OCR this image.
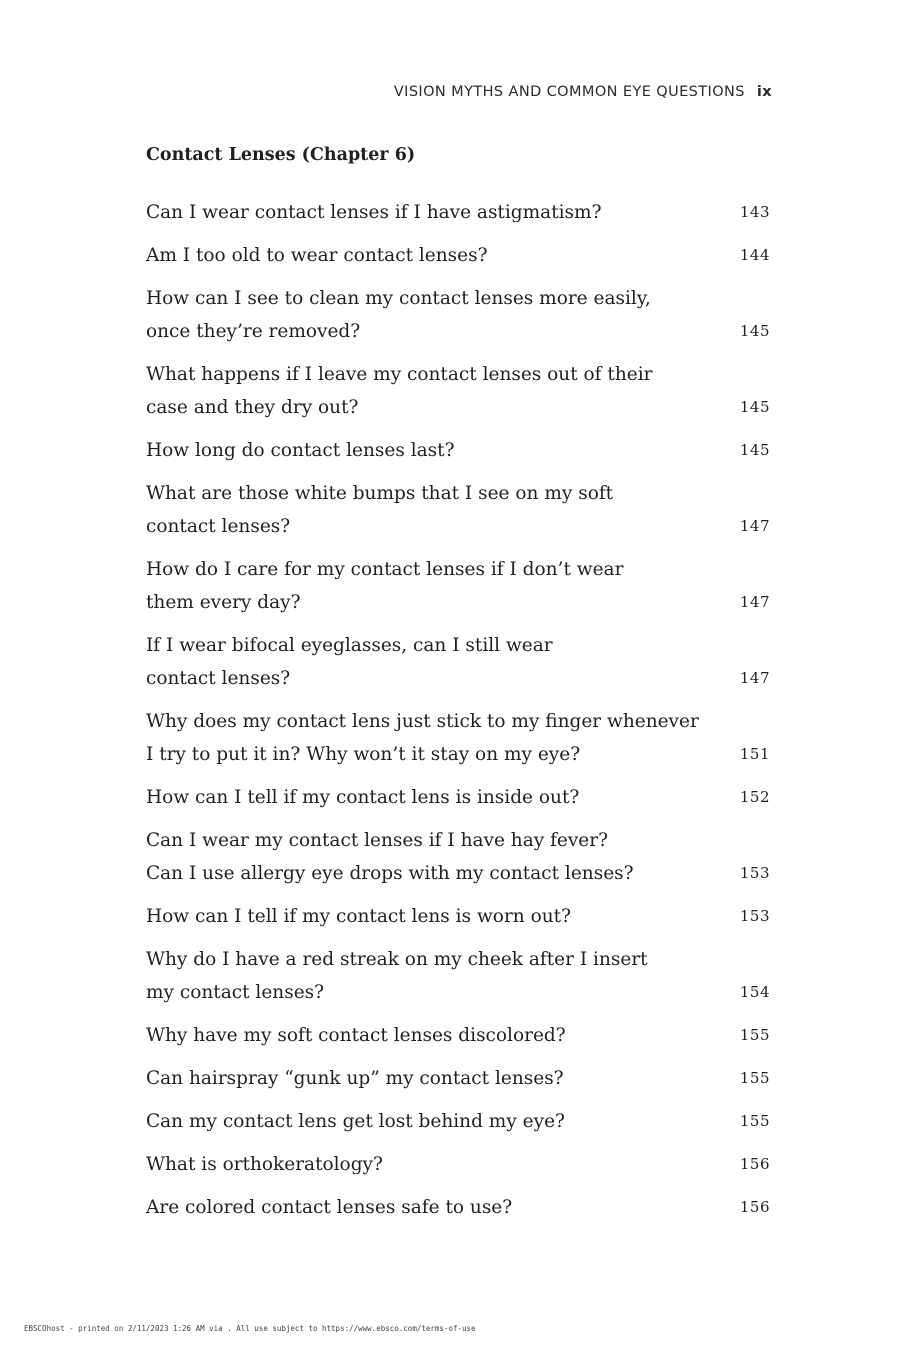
VISION MYTHS AND COMMON EYE QUESTIONS ix
Contact Lenses (Chapter 6)
Can I wear contact lenses if I have astigmatism?	143
Am I too old to wear contact lenses?	144
How can I see to clean my contact lenses more easily,
once they’re removed?	145
What happens if I leave my contact lenses out of their
case and they dry out?	145
How long do contact lenses last?	145
What are those white bumps that I see on my soft
contact lenses?	147
How do I care for my contact lenses if I don’t wear
them every day?	147
If I wear bifocal eyeglasses, can I still wear
contact lenses?	147
Why does my contact lens just stick to my finger whenever
I try to put it in? Why won’t it stay on my eye?	151
How can I tell if my contact lens is inside out?	152
Can I wear my contact lenses if I have hay fever?
Can I use allergy eye drops with my contact lenses?	153
How can I tell if my contact lens is worn out?	153
Why do I have a red streak on my cheek after I insert
my contact lenses?	154
Why have my soft contact lenses discolored?	155
Can hairspray “gunk up” my contact lenses?	155
Can my contact lens get lost behind my eye?	155
What is orthokeratology?	156
Are colored contact lenses safe to use?	156
EBSCOhost - printed on 2/11/2023 1:26 AM via . All use subject to https://www.ebsco.com/terms-of-use
